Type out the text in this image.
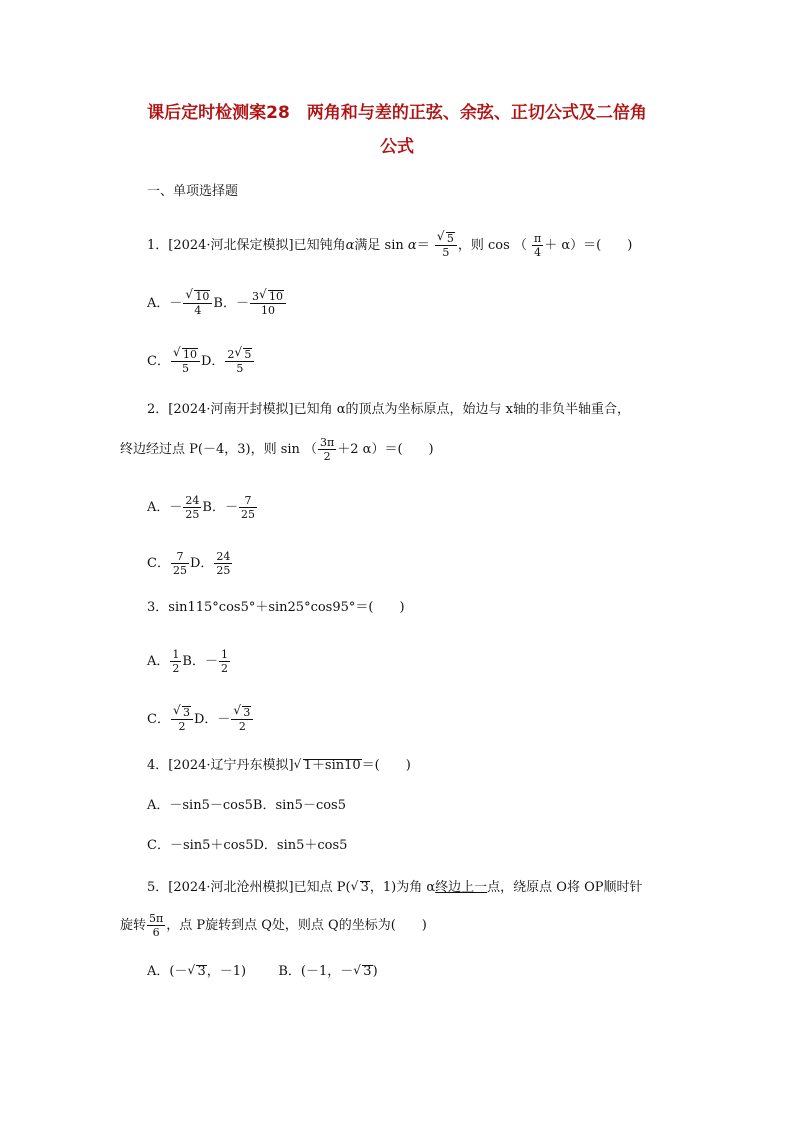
课后定时检测案28　两角和与差的正弦、余弦、正切公式及二倍角
公式
一、单项选择题
1．[2024·河北保定模拟]已知钝角α满足 $\sin \alpha= \frac{√ 5}{5}$ ，则 cos （ $\frac{\pi}{4} + \alpha)=$(　　)
A．－ $\frac{√ 10}{4}$ B．－ $\frac{3 √ 10}{10}$
C． $\frac{√ 10}{5}$ D． $\frac{2 √ 5}{5}$
2．[2024·河南开封模拟]已知角 α的顶点为坐标原点，始边与 x轴的非负半轴重合，
终边经过点 P(－4，3)，则 sin （ $\frac{3\pi}{2} +2$ α）＝(　　)
A．－ $\frac{24}{25}$ B．－ $\frac{7}{25}$
C． $\frac{7}{25}$ D． $\frac{24}{25}$
3．sin115°cos5°＋sin25°cos95°＝(　　)
A． $\frac{1}{2}$ B．－ $\frac{1}{2}$
C． $\frac{√ 3}{2}$ D．－ $\frac{√ 3}{2}$
4．[2024·辽宁丹东模拟] √ 1＋sin10＝(　　)
A．－sin5－cos5B．sin5－cos5
C．－sin5＋cos5D．sin5＋cos5
5．[2024·河北沧州模拟]已知点 P( √ 3，1)为角 α终边上一点，绕原点 O将 OP顺时针
旋转 $\frac{5\pi}{6}$ ，点 P旋转到点 Q处，则点 Q的坐标为(　　)
A．(－ √ 3，－1) B．(－1，－ √ 3)
